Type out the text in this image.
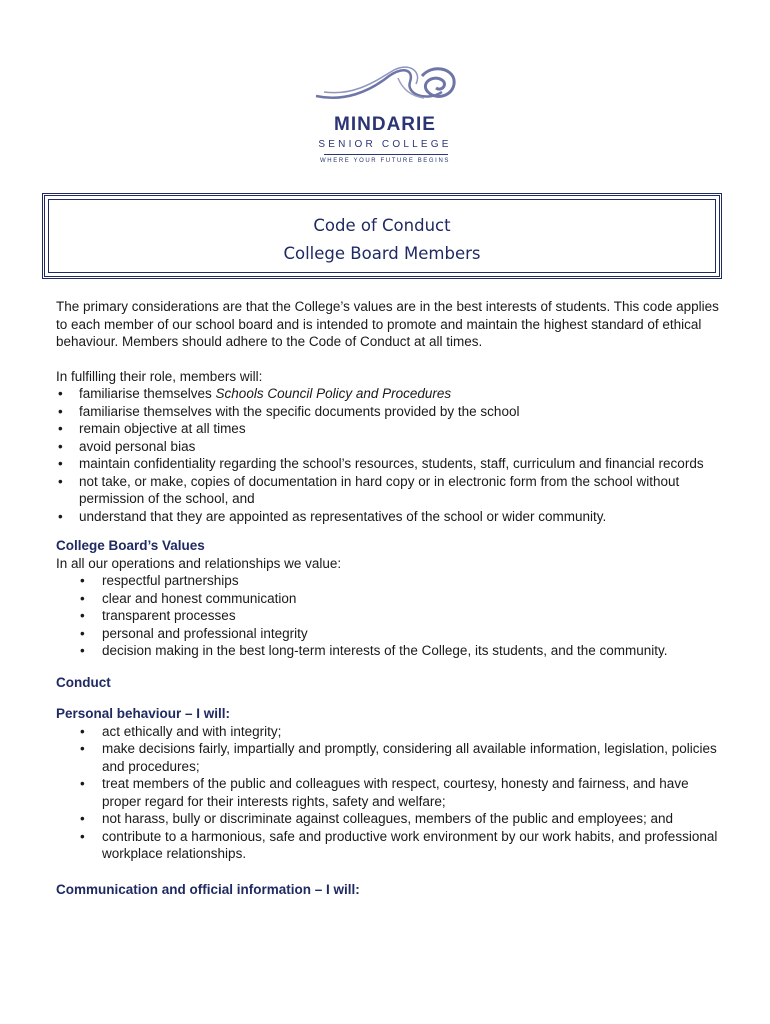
MINDARIE
SENIOR COLLEGE
WHERE YOUR FUTURE BEGINS
Code of Conduct
College Board Members

The primary considerations are that the College’s values are in the best interests of students. This code applies to each member of our school board and is intended to promote and maintain the highest standard of ethical behaviour. Members should adhere to the Code of Conduct at all times.

In fulfilling their role, members will:

• familiarise themselves Schools Council Policy and Procedures
• familiarise themselves with the specific documents provided by the school
• remain objective at all times
• avoid personal bias
• maintain confidentiality regarding the school’s resources, students, staff, curriculum and financial records
• not take, or make, copies of documentation in hard copy or in electronic form from the school without permission of the school, and
• understand that they are appointed as representatives of the school or wider community.

College Board’s Values

In all our operations and relationships we value:

• respectful partnerships
• clear and honest communication
• transparent processes
• personal and professional integrity
• decision making in the best long-term interests of the College, its students, and the community.

Conduct

Personal behaviour – I will:

• act ethically and with integrity;
• make decisions fairly, impartially and promptly, considering all available information, legislation, policies and procedures;
• treat members of the public and colleagues with respect, courtesy, honesty and fairness, and have proper regard for their interests rights, safety and welfare;
• not harass, bully or discriminate against colleagues, members of the public and employees; and
• contribute to a harmonious, safe and productive work environment by our work habits, and professional workplace relationships.

Communication and official information – I will:
